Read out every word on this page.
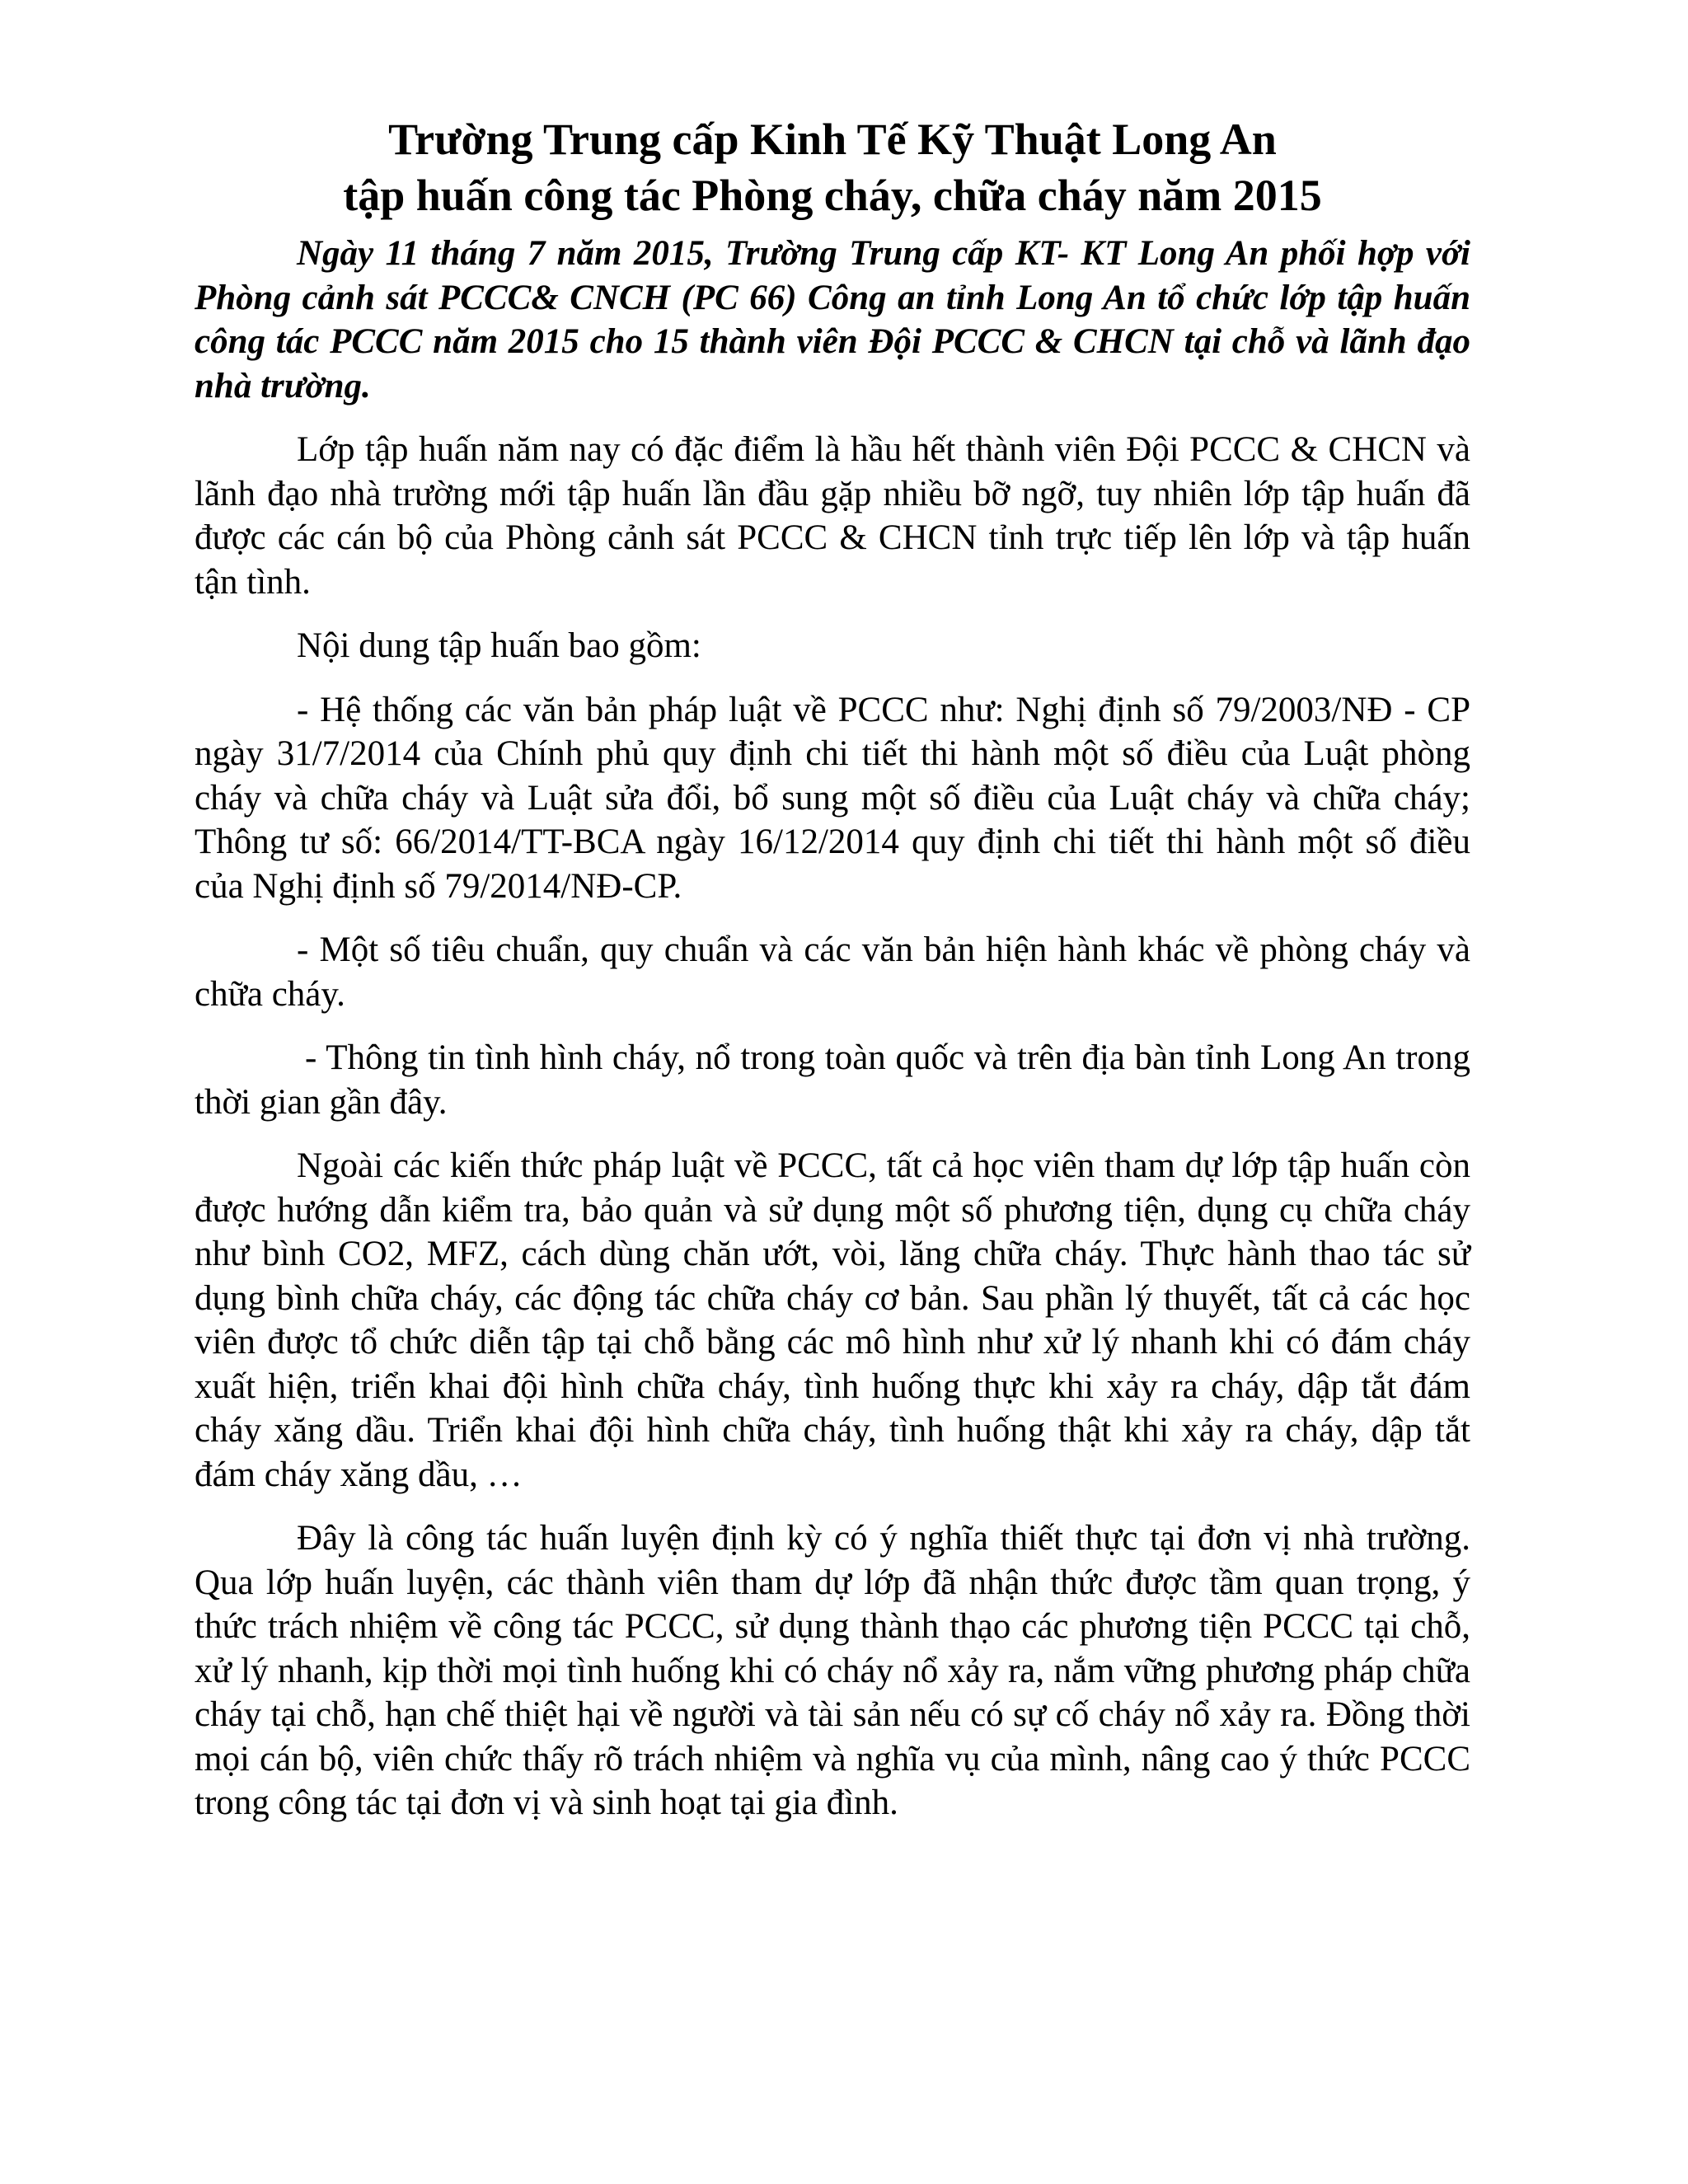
Trường Trung cấp Kinh Tế Kỹ Thuật Long An
tập huấn công tác Phòng cháy, chữa cháy năm 2015

Ngày 11 tháng 7 năm 2015, Trường Trung cấp KT- KT Long An phối hợp với Phòng cảnh sát PCCC& CNCH (PC 66) Công an tỉnh Long An tổ chức lớp tập huấn công tác PCCC năm 2015 cho 15 thành viên Đội PCCC & CHCN tại chỗ và lãnh đạo nhà trường.

Lớp tập huấn năm nay có đặc điểm là hầu hết thành viên Đội PCCC & CHCN và lãnh đạo nhà trường mới tập huấn lần đầu gặp nhiều bỡ ngỡ, tuy nhiên lớp tập huấn đã được các cán bộ của Phòng cảnh sát PCCC & CHCN tỉnh trực tiếp lên lớp và tập huấn tận tình.

Nội dung tập huấn bao gồm:

- Hệ thống các văn bản pháp luật về PCCC như: Nghị định số 79/2003/NĐ - CP ngày 31/7/2014 của Chính phủ quy định chi tiết thi hành một số điều của Luật phòng cháy và chữa cháy và Luật sửa đổi, bổ sung một số điều của Luật cháy và chữa cháy; Thông tư số: 66/2014/TT-BCA ngày 16/12/2014 quy định chi tiết thi hành một số điều của Nghị định số 79/2014/NĐ-CP.

- Một số tiêu chuẩn, quy chuẩn và các văn bản hiện hành khác về phòng cháy và chữa cháy.

- Thông tin tình hình cháy, nổ trong toàn quốc và trên địa bàn tỉnh Long An trong thời gian gần đây.

Ngoài các kiến thức pháp luật về PCCC, tất cả học viên tham dự lớp tập huấn còn được hướng dẫn kiểm tra, bảo quản và sử dụng một số phương tiện, dụng cụ chữa cháy như bình CO2, MFZ, cách dùng chăn ướt, vòi, lăng chữa cháy. Thực hành thao tác sử dụng bình chữa cháy, các động tác chữa cháy cơ bản. Sau phần lý thuyết, tất cả các học viên được tổ chức diễn tập tại chỗ bằng các mô hình như xử lý nhanh khi có đám cháy xuất hiện, triển khai đội hình chữa cháy, tình huống thực khi xảy ra cháy, dập tắt đám cháy xăng dầu. Triển khai đội hình chữa cháy, tình huống thật khi xảy ra cháy, dập tắt đám cháy xăng dầu, …

Đây là công tác huấn luyện định kỳ có ý nghĩa thiết thực tại đơn vị nhà trường. Qua lớp huấn luyện, các thành viên tham dự lớp đã nhận thức được tầm quan trọng, ý thức trách nhiệm về công tác PCCC, sử dụng thành thạo các phương tiện PCCC tại chỗ, xử lý nhanh, kịp thời mọi tình huống khi có cháy nổ xảy ra, nắm vững phương pháp chữa cháy tại chỗ, hạn chế thiệt hại về người và tài sản nếu có sự cố cháy nổ xảy ra. Đồng thời mọi cán bộ, viên chức thấy rõ trách nhiệm và nghĩa vụ của mình, nâng cao ý thức PCCC trong công tác tại đơn vị và sinh hoạt tại gia đình.
